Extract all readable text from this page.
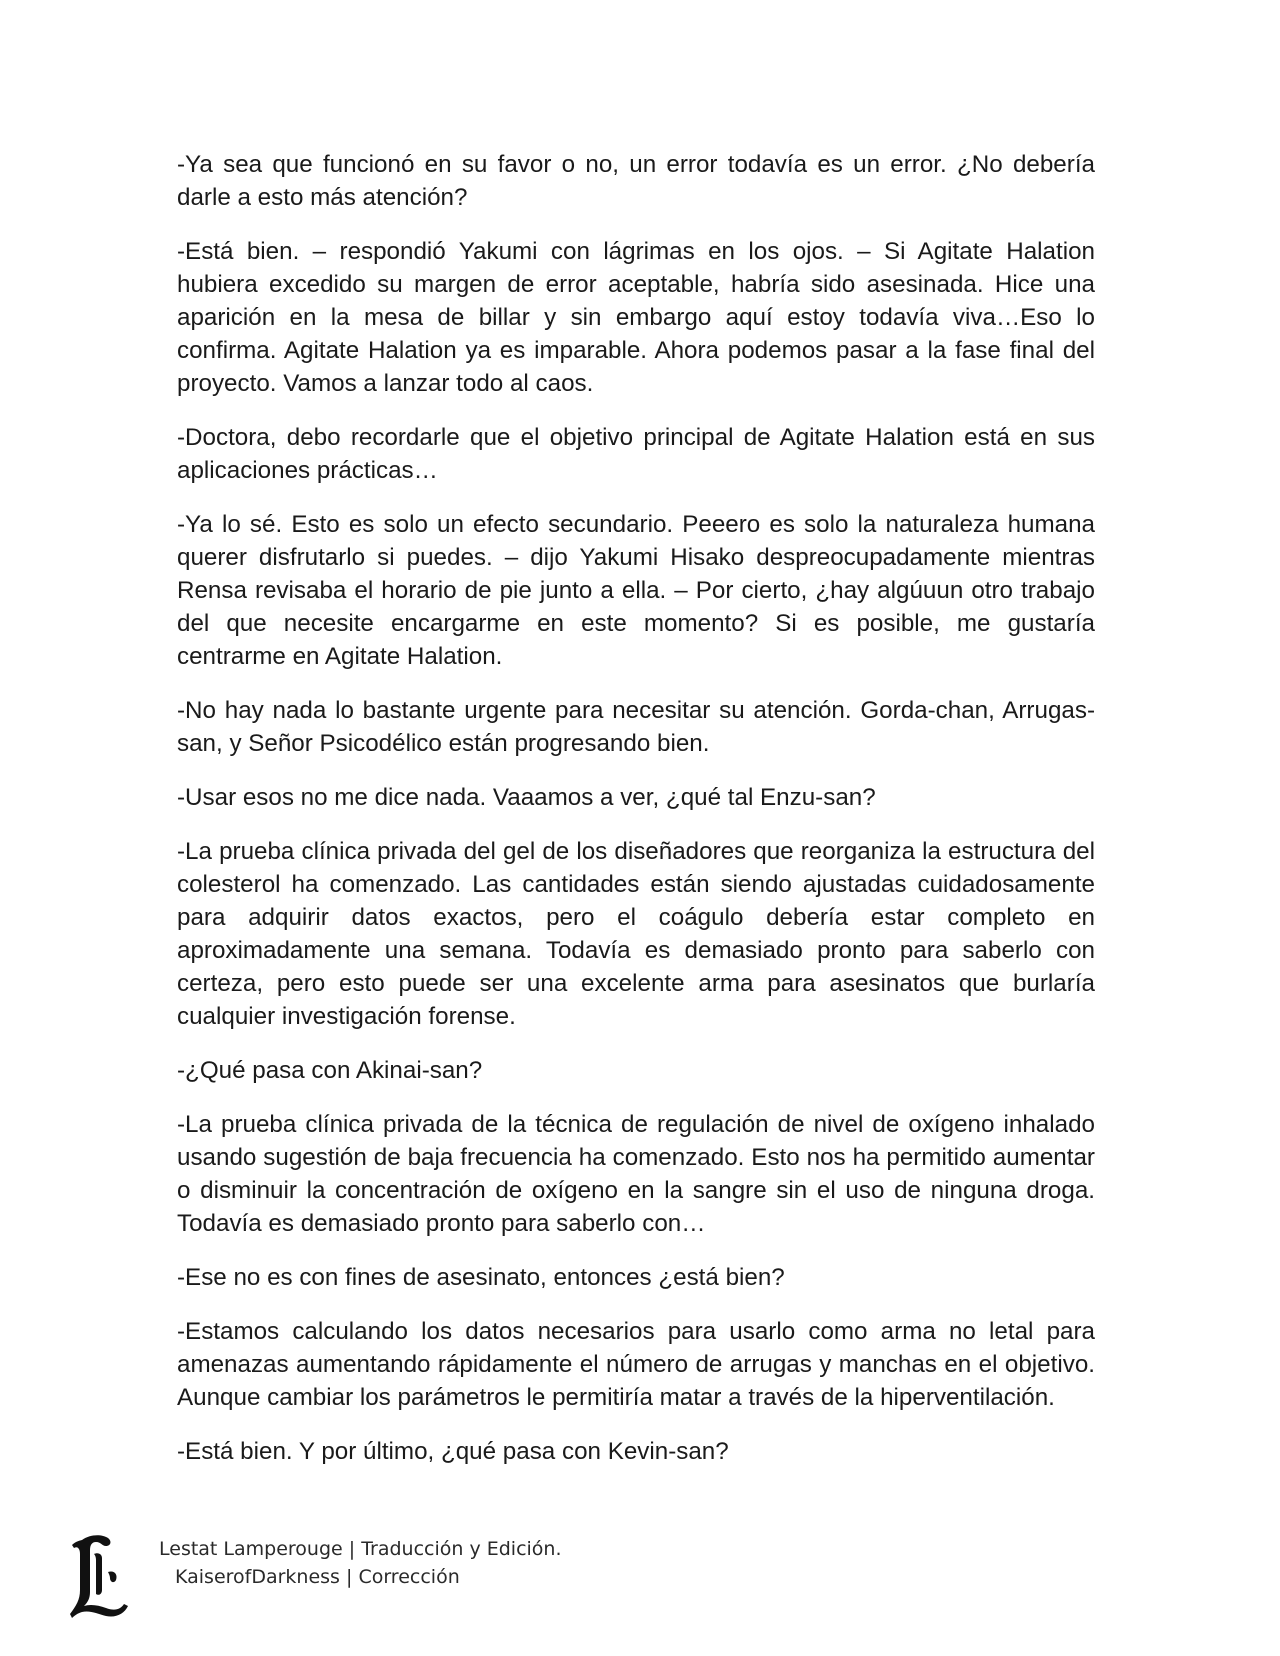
-Ya sea que funcionó en su favor o no, un error todavía es un error. ¿No debería darle a esto más atención?

-Está bien. – respondió Yakumi con lágrimas en los ojos. – Si Agitate Halation hubiera excedido su margen de error aceptable, habría sido asesinada. Hice una aparición en la mesa de billar y sin embargo aquí estoy todavía viva…Eso lo confirma. Agitate Halation ya es imparable. Ahora podemos pasar a la fase final del proyecto. Vamos a lanzar todo al caos.

-Doctora, debo recordarle que el objetivo principal de Agitate Halation está en sus aplicaciones prácticas…

-Ya lo sé. Esto es solo un efecto secundario. Peeero es solo la naturaleza humana querer disfrutarlo si puedes. – dijo Yakumi Hisako despreocupadamente mientras Rensa revisaba el horario de pie junto a ella. – Por cierto, ¿hay algúuun otro trabajo del que necesite encargarme en este momento? Si es posible, me gustaría centrarme en Agitate Halation.

-No hay nada lo bastante urgente para necesitar su atención. Gorda-chan, Arrugas-san, y Señor Psicodélico están progresando bien.

-Usar esos no me dice nada. Vaaamos a ver, ¿qué tal Enzu-san?

-La prueba clínica privada del gel de los diseñadores que reorganiza la estructura del colesterol ha comenzado. Las cantidades están siendo ajustadas cuidadosamente para adquirir datos exactos, pero el coágulo debería estar completo en aproximadamente una semana. Todavía es demasiado pronto para saberlo con certeza, pero esto puede ser una excelente arma para asesinatos que burlaría cualquier investigación forense.

-¿Qué pasa con Akinai-san?

-La prueba clínica privada de la técnica de regulación de nivel de oxígeno inhalado usando sugestión de baja frecuencia ha comenzado. Esto nos ha permitido aumentar o disminuir la concentración de oxígeno en la sangre sin el uso de ninguna droga. Todavía es demasiado pronto para saberlo con…

-Ese no es con fines de asesinato, entonces ¿está bien?

-Estamos calculando los datos necesarios para usarlo como arma no letal para amenazas aumentando rápidamente el número de arrugas y manchas en el objetivo. Aunque cambiar los parámetros le permitiría matar a través de la hiperventilación.

-Está bien. Y por último, ¿qué pasa con Kevin-san?

Lestat Lamperouge | Traducción y Edición.
KaiserofDarkness | Corrección
